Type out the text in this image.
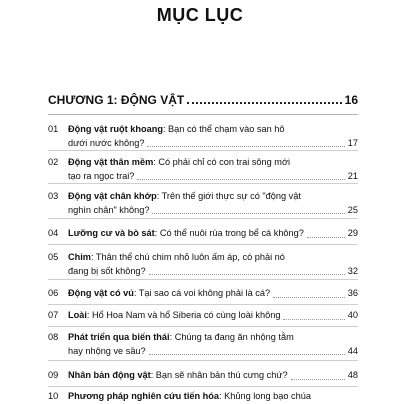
MỤC LỤC
CHƯƠNG 1: ĐỘNG VẬT	16
01	Động vật ruột khoang: Bạn có thể chạm vào san hô
dưới nước không?	17
02	Động vật thân mềm: Có phải chỉ có con trai sông mới
tạo ra ngọc trai?	21
03	Động vật chân khớp: Trên thế giới thực sự có "động vật
nghìn chân" không?	25
04	Lưỡng cư và bò sát: Có thể nuôi rùa trong bể cá không?	29
05	Chim: Thân thể chú chim nhỏ luôn ấm áp, có phải nó
đang bị sốt không?	32
06	Động vật có vú: Tại sao cá voi không phải là cá?	36
07	Loài: Hổ Hoa Nam và hổ Siberia có cùng loài không	40
08	Phát triển qua biến thái: Chúng ta đang ăn nhộng tằm
hay nhộng ve sầu?	44
09	Nhân bản động vật: Bạn sẽ nhân bản thú cưng chứ?	48
10	Phương pháp nghiên cứu tiến hóa: Khủng long bạo chúa
